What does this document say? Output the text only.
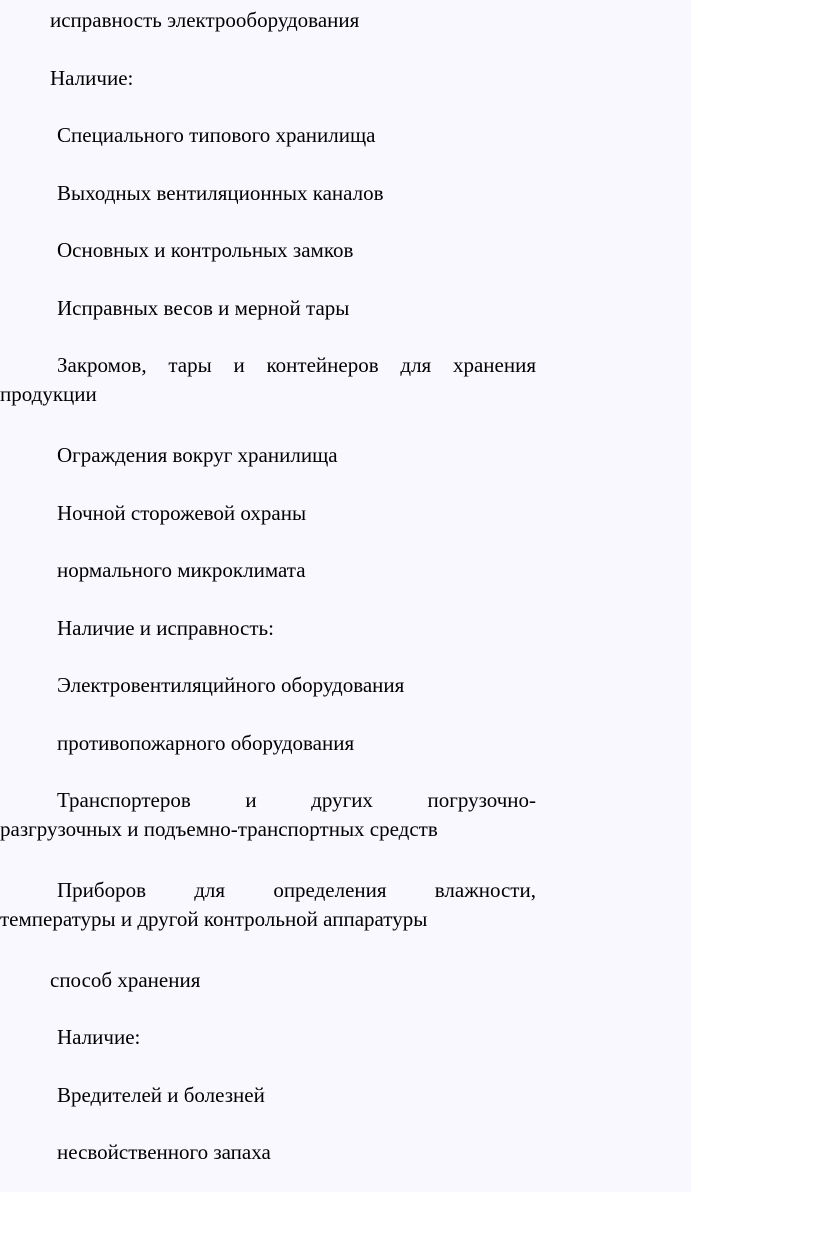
исправность электрооборудования
Наличие:
Специального типового хранилища
Выходных вентиляционных каналов
Основных и контрольных замков
Исправных весов и мерной тары
Закромов, тары и контейнеров для хранения
продукции
Ограждения вокруг хранилища
Ночной сторожевой охраны
нормального микроклимата
Наличие и исправность:
Электровентиляцийного оборудования
противопожарного оборудования
Транспортеров	и	других	погрузочно-
разгрузочных и подъемно-транспортных средств
Приборов для определения влажности,
температуры и другой контрольной аппаратуры
способ хранения
Наличие:
Вредителей и болезней
несвойственного запаха
